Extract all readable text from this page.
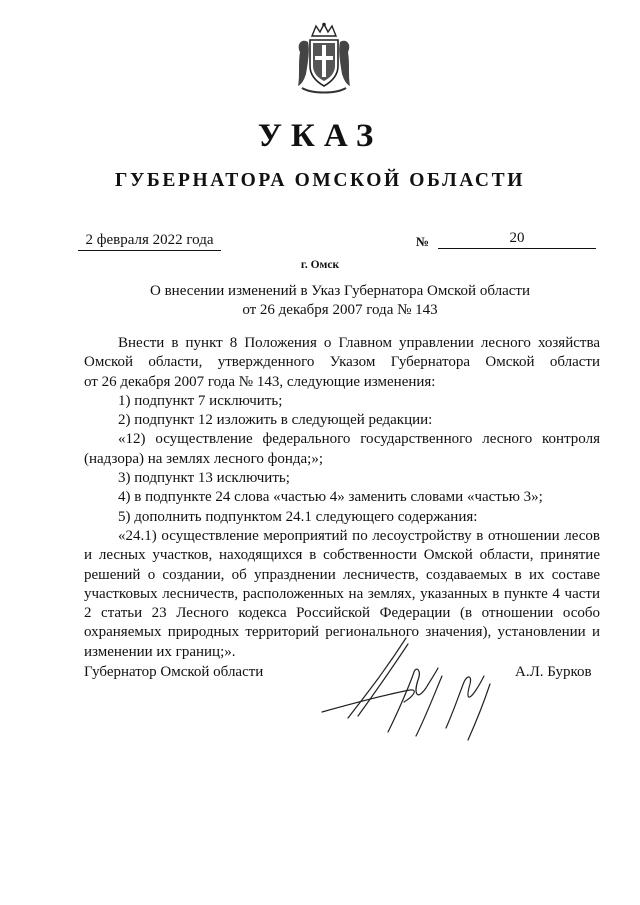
УКАЗ
ГУБЕРНАТОРА ОМСКОЙ ОБЛАСТИ
2 февраля 2022 года	№	20
г. Омск
О внесении изменений в Указ Губернатора Омской области
от 26 декабря 2007 года № 143

Внести в пункт 8 Положения о Главном управлении лесного хозяйства

Омской области, утвержденного Указом Губернатора Омской области

от 26 декабря 2007 года № 143, следующие изменения:

1) подпункт 7 исключить;

2) подпункт 12 изложить в следующей редакции:

«12) осуществление федерального государственного лесного контроля

(надзора) на землях лесного фонда;»;

3) подпункт 13 исключить;

4) в подпункте 24 слова «частью 4» заменить словами «частью 3»;

5) дополнить подпунктом 24.1 следующего содержания:

«24.1) осуществление мероприятий по лесоустройству в отношении лесов

и лесных участков, находящихся в собственности Омской области, принятие

решений о создании, об упразднении лесничеств, создаваемых в их составе

участковых лесничеств, расположенных на землях, указанных в пункте 4 части

2 статьи 23 Лесного кодекса Российской Федерации (в отношении особо

охраняемых природных территорий регионального значения), установлении и

изменении их границ;».

Губернатор Омской области	А.Л. Бурков
